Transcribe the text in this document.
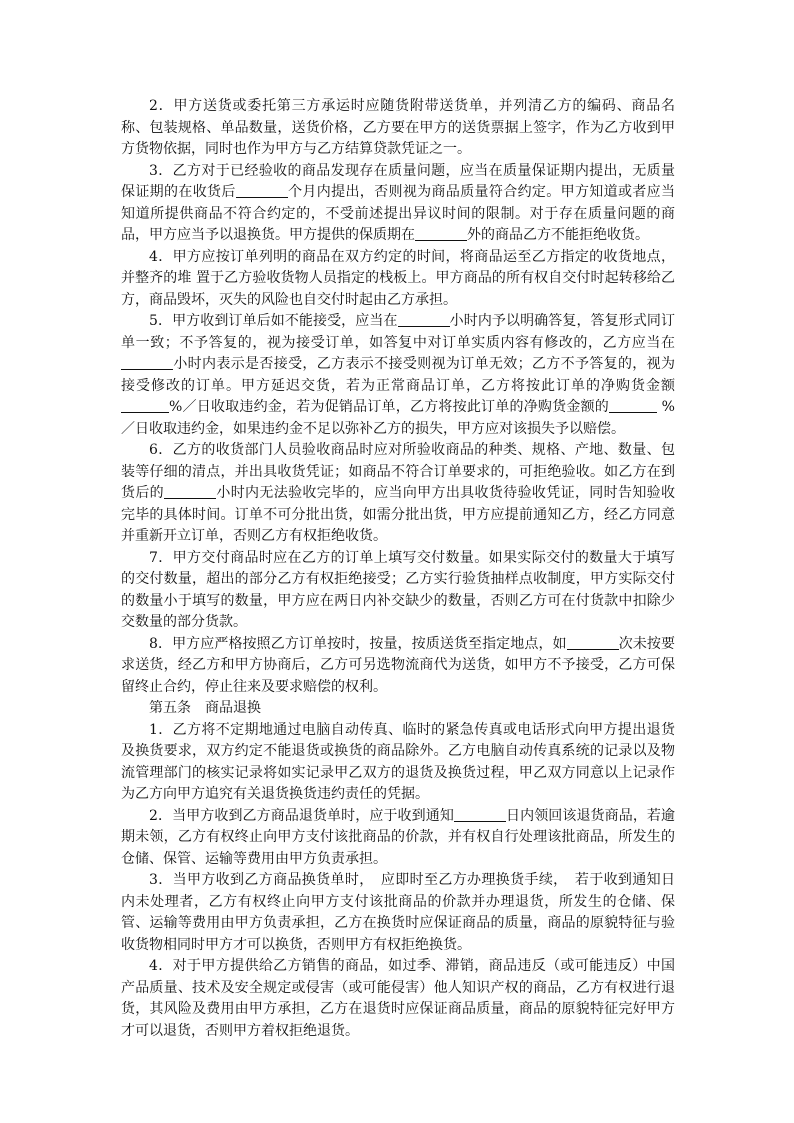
2．甲方送货或委托第三方承运时应随货附带送货单，并列清乙方的编码、商品名称、包装规格、单品数量，送货价格，乙方要在甲方的送货票据上签字，作为乙方收到甲方货物依据，同时也作为甲方与乙方结算贷款凭证之一。

3．乙方对于已经验收的商品发现存在质量问题，应当在质量保证期内提出，无质量保证期的在收货后	个月内提出，否则视为商品质量符合约定。甲方知道或者应当知道所提供商品不符合约定的，不受前述提出异议时间的限制。对于存在质量问题的商品，甲方应当予以退换货。甲方提供的保质期在	外的商品乙方不能拒绝收货。

4．甲方应按订单列明的商品在双方约定的时间，将商品运至乙方指定的收货地点，并整齐的堆 置于乙方验收货物人员指定的栈板上。甲方商品的所有权自交付时起转移给乙方，商品毁坏，灭失的风险也自交付时起由乙方承担。

5．甲方收到订单后如不能接受，应当在	小时内予以明确答复，答复形式同订单一致；不予答复的，视为接受订单，如答复中对订单实质内容有修改的，乙方应当在小时内表示是否接受，乙方表示不接受则视为订单无效；乙方不予答复的，视为接受修改的订单。甲方延迟交货，若为正常商品订单，乙方将按此订单的净购货金额%／日收取违约金，若为促销品订单，乙方将按此订单的净购货金额的	%／日收取违约金，如果违约金不足以弥补乙方的损失，甲方应对该损失予以赔偿。

6．乙方的收货部门人员验收商品时应对所验收商品的种类、规格、产地、数量、包装等仔细的清点，并出具收货凭证；如商品不符合订单要求的，可拒绝验收。如乙方在到货后的	小时内无法验收完毕的，应当向甲方出具收货待验收凭证，同时告知验收完毕的具体时间。订单不可分批出货，如需分批出货，甲方应提前通知乙方，经乙方同意并重新开立订单，否则乙方有权拒绝收货。

7．甲方交付商品时应在乙方的订单上填写交付数量。如果实际交付的数量大于填写的交付数量，超出的部分乙方有权拒绝接受；乙方实行验货抽样点收制度，甲方实际交付的数量小于填写的数量，甲方应在两日内补交缺少的数量，否则乙方可在付货款中扣除少交数量的部分货款。

8．甲方应严格按照乙方订单按时，按量，按质送货至指定地点，如	次未按要求送货，经乙方和甲方协商后，乙方可另选物流商代为送货，如甲方不予接受，乙方可保留终止合约，停止往来及要求赔偿的权利。

第五条　商品退换

1．乙方将不定期地通过电脑自动传真、临时的紧急传真或电话形式向甲方提出退货及换货要求，双方约定不能退货或换货的商品除外。乙方电脑自动传真系统的记录以及物流管理部门的核实记录将如实记录甲乙双方的退货及换货过程，甲乙双方同意以上记录作为乙方向甲方追究有关退货换货违约责任的凭据。

2．当甲方收到乙方商品退货单时，应于收到通知	日内领回该退货商品，若逾期未领，乙方有权终止向甲方支付该批商品的价款，并有权自行处理该批商品，所发生的仓储、保管、运输等费用由甲方负责承担。

3．当甲方收到乙方商品换货单时，　应即时至乙方办理换货手续，　若于收到通知日内未处理者，乙方有权终止向甲方支付该批商品的价款并办理退货，所发生的仓储、保管、运输等费用由甲方负责承担，乙方在换货时应保证商品的质量，商品的原貌特征与验收货物相同时甲方才可以换货，否则甲方有权拒绝换货。

4．对于甲方提供给乙方销售的商品，如过季、滞销，商品违反（或可能违反）中国产品质量、技术及安全规定或侵害（或可能侵害）他人知识产权的商品，乙方有权进行退货，其风险及费用由甲方承担，乙方在退货时应保证商品质量，商品的原貌特征完好甲方才可以退货，否则甲方着权拒绝退货。
